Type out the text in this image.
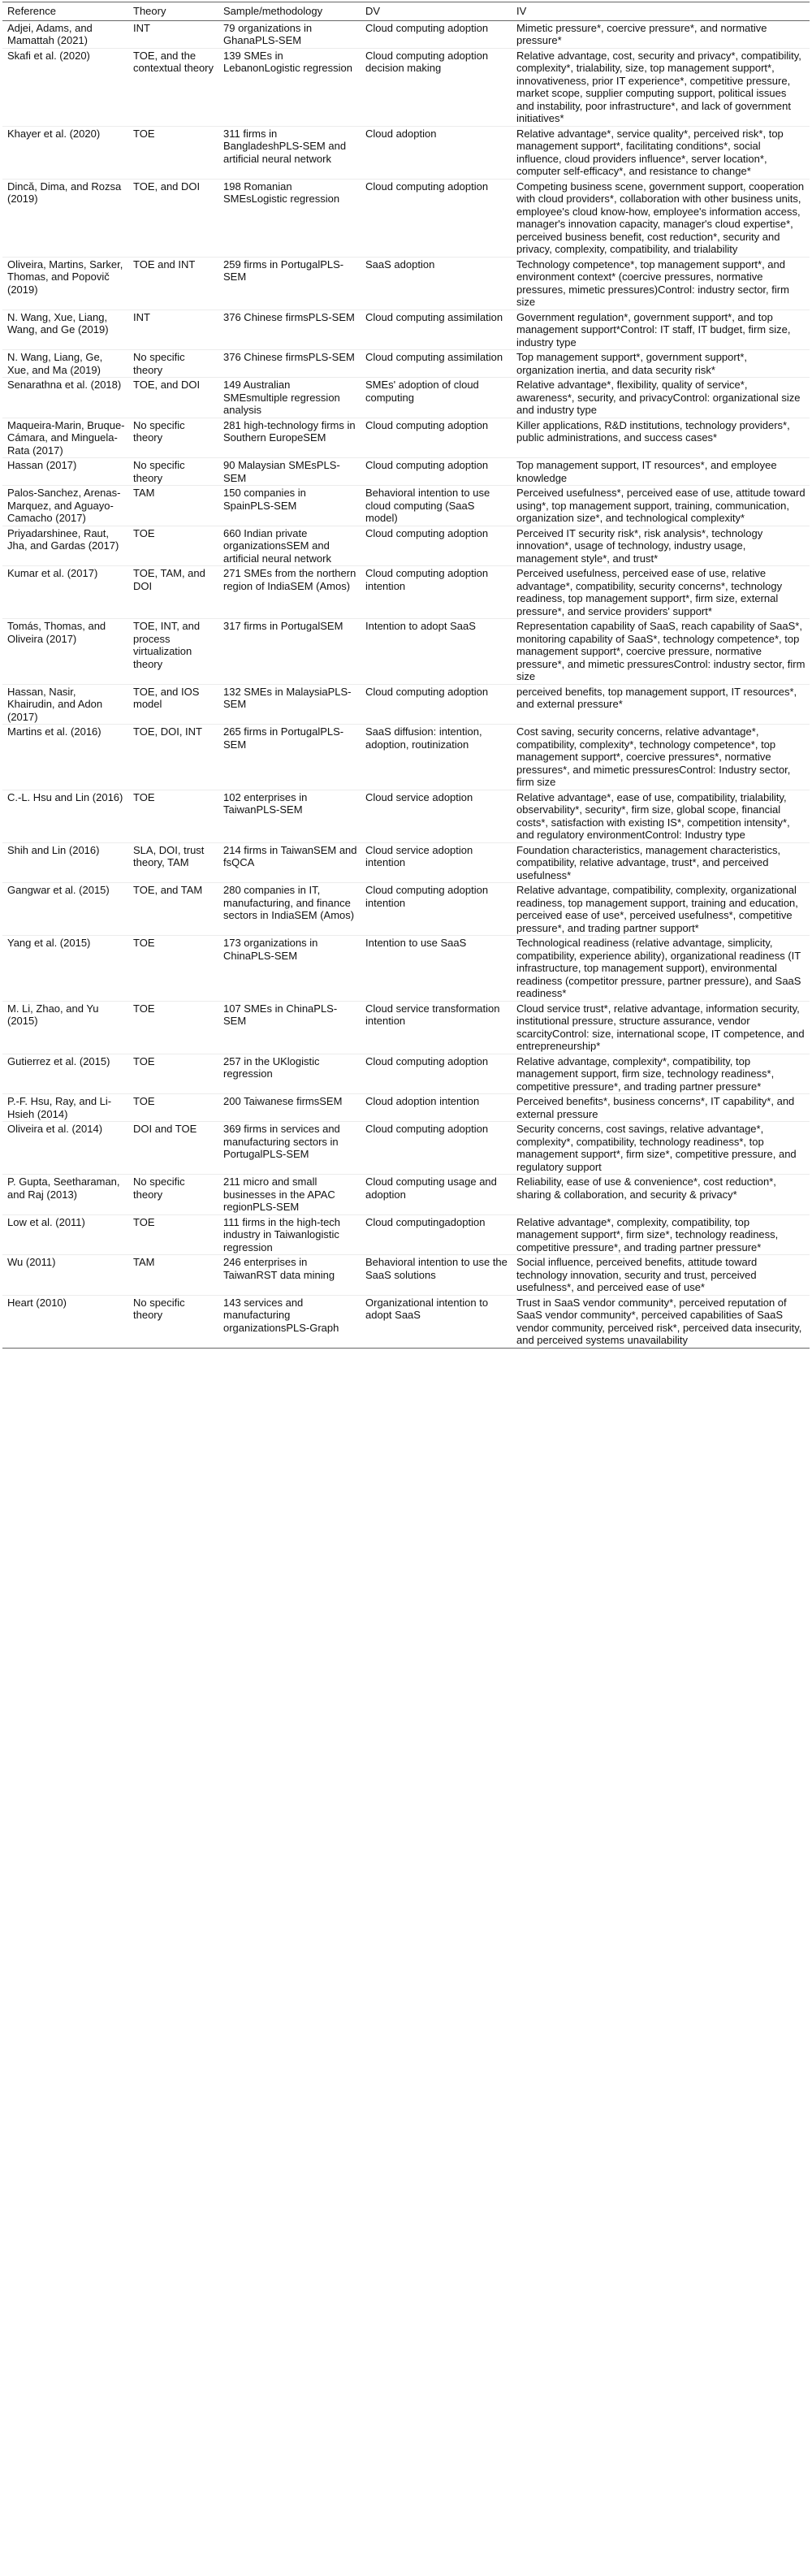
Reference	Theory	Sample/methodology	DV	IV
Adjei, Adams, and Mamattah (2021)	INT	79 organizations in GhanaPLS-SEM	Cloud computing adoption	Mimetic pressure*, coercive pressure*, and normative pressure*
Skafi et al. (2020)	TOE, and the contextual theory	139 SMEs in LebanonLogistic regression	Cloud computing adoption decision making	Relative advantage, cost, security and privacy*, compatibility, complexity*, trialability, size, top management support*, innovativeness, prior IT experience*, competitive pressure, market scope, supplier computing support, political issues and instability, poor infrastructure*, and lack of government initiatives*
Khayer et al. (2020)	TOE	311 firms in BangladeshPLS-SEM and artificial neural network	Cloud adoption	Relative advantage*, service quality*, perceived risk*, top management support*, facilitating conditions*, social influence, cloud providers influence*, server location*, computer self-efficacy*, and resistance to change*
Dincă, Dima, and Rozsa (2019)	TOE, and DOI	198 Romanian SMEsLogistic regression	Cloud computing adoption	Competing business scene, government support, cooperation with cloud providers*, collaboration with other business units, employee's cloud know-how, employee's information access, manager's innovation capacity, manager's cloud expertise*, perceived business benefit, cost reduction*, security and privacy, complexity, compatibility, and trialability
Oliveira, Martins, Sarker, Thomas, and Popovič (2019)	TOE and INT	259 firms in PortugalPLS-SEM	SaaS adoption	Technology competence*, top management support*, and environment context* (coercive pressures, normative pressures, mimetic pressures)Control: industry sector, firm size
N. Wang, Xue, Liang, Wang, and Ge (2019)	INT	376 Chinese firmsPLS-SEM	Cloud computing assimilation	Government regulation*, government support*, and top management support*Control: IT staff, IT budget, firm size, industry type
N. Wang, Liang, Ge, Xue, and Ma (2019)	No specific theory	376 Chinese firmsPLS-SEM	Cloud computing assimilation	Top management support*, government support*, organization inertia, and data security risk*
Senarathna et al. (2018)	TOE, and DOI	149 Australian SMEsmultiple regression analysis	SMEs' adoption of cloud computing	Relative advantage*, flexibility, quality of service*, awareness*, security, and privacyControl: organizational size and industry type
Maqueira-Marin, Bruque-Cámara, and Minguela-Rata (2017)	No specific theory	281 high-technology firms in Southern EuropeSEM	Cloud computing adoption	Killer applications, R&D institutions, technology providers*, public administrations, and success cases*
Hassan (2017)	No specific theory	90 Malaysian SMEsPLS-SEM	Cloud computing adoption	Top management support, IT resources*, and employee knowledge
Palos-Sanchez, Arenas-Marquez, and Aguayo-Camacho (2017)	TAM	150 companies in SpainPLS-SEM	Behavioral intention to use cloud computing (SaaS model)	Perceived usefulness*, perceived ease of use, attitude toward using*, top management support, training, communication, organization size*, and technological complexity*
Priyadarshinee, Raut, Jha, and Gardas (2017)	TOE	660 Indian private organizationsSEM and artificial neural network	Cloud computing adoption	Perceived IT security risk*, risk analysis*, technology innovation*, usage of technology, industry usage, management style*, and trust*
Kumar et al. (2017)	TOE, TAM, and DOI	271 SMEs from the northern region of IndiaSEM (Amos)	Cloud computing adoption intention	Perceived usefulness, perceived ease of use, relative advantage*, compatibility, security concerns*, technology readiness, top management support*, firm size, external pressure*, and service providers' support*
Tomás, Thomas, and Oliveira (2017)	TOE, INT, and process virtualization theory	317 firms in PortugalSEM	Intention to adopt SaaS	Representation capability of SaaS, reach capability of SaaS*, monitoring capability of SaaS*, technology competence*, top management support*, coercive pressure, normative pressure*, and mimetic pressuresControl: industry sector, firm size
Hassan, Nasir, Khairudin, and Adon (2017)	TOE, and IOS model	132 SMEs in MalaysiaPLS-SEM	Cloud computing adoption	perceived benefits, top management support, IT resources*, and external pressure*
Martins et al. (2016)	TOE, DOI, INT	265 firms in PortugalPLS-SEM	SaaS diffusion: intention, adoption, routinization	Cost saving, security concerns, relative advantage*, compatibility, complexity*, technology competence*, top management support*, coercive pressures*, normative pressures*, and mimetic pressuresControl: Industry sector, firm size
C.-L. Hsu and Lin (2016)	TOE	102 enterprises in TaiwanPLS-SEM	Cloud service adoption	Relative advantage*, ease of use, compatibility, trialability, observability*, security*, firm size, global scope, financial costs*, satisfaction with existing IS*, competition intensity*, and regulatory environmentControl: Industry type
Shih and Lin (2016)	SLA, DOI, trust theory, TAM	214 firms in TaiwanSEM and fsQCA	Cloud service adoption intention	Foundation characteristics, management characteristics, compatibility, relative advantage, trust*, and perceived usefulness*
Gangwar et al. (2015)	TOE, and TAM	280 companies in IT, manufacturing, and finance sectors in IndiaSEM (Amos)	Cloud computing adoption intention	Relative advantage, compatibility, complexity, organizational readiness, top management support, training and education, perceived ease of use*, perceived usefulness*, competitive pressure*, and trading partner support*
Yang et al. (2015)	TOE	173 organizations in ChinaPLS-SEM	Intention to use SaaS	Technological readiness (relative advantage, simplicity, compatibility, experience ability), organizational readiness (IT infrastructure, top management support), environmental readiness (competitor pressure, partner pressure), and SaaS readiness*
M. Li, Zhao, and Yu (2015)	TOE	107 SMEs in ChinaPLS-SEM	Cloud service transformation intention	Cloud service trust*, relative advantage, information security, institutional pressure, structure assurance, vendor scarcityControl: size, international scope, IT competence, and entrepreneurship*
Gutierrez et al. (2015)	TOE	257 in the UKlogistic regression	Cloud computing adoption	Relative advantage, complexity*, compatibility, top management support, firm size, technology readiness*, competitive pressure*, and trading partner pressure*
P.-F. Hsu, Ray, and Li-Hsieh (2014)	TOE	200 Taiwanese firmsSEM	Cloud adoption intention	Perceived benefits*, business concerns*, IT capability*, and external pressure
Oliveira et al. (2014)	DOI and TOE	369 firms in services and manufacturing sectors in PortugalPLS-SEM	Cloud computing adoption	Security concerns, cost savings, relative advantage*, complexity*, compatibility, technology readiness*, top management support*, firm size*, competitive pressure, and regulatory support
P. Gupta, Seetharaman, and Raj (2013)	No specific theory	211 micro and small businesses in the APAC regionPLS-SEM	Cloud computing usage and adoption	Reliability, ease of use & convenience*, cost reduction*, sharing & collaboration, and security & privacy*
Low et al. (2011)	TOE	111 firms in the high-tech industry in Taiwanlogistic regression	Cloud computingadoption	Relative advantage*, complexity, compatibility, top management support*, firm size*, technology readiness, competitive pressure*, and trading partner pressure*
Wu (2011)	TAM	246 enterprises in TaiwanRST data mining	Behavioral intention to use the SaaS solutions	Social influence, perceived benefits, attitude toward technology innovation, security and trust, perceived usefulness*, and perceived ease of use*
Heart (2010)	No specific theory	143 services and manufacturing organizationsPLS-Graph	Organizational intention to adopt SaaS	Trust in SaaS vendor community*, perceived reputation of SaaS vendor community*, perceived capabilities of SaaS vendor community, perceived risk*, perceived data insecurity, and perceived systems unavailability
